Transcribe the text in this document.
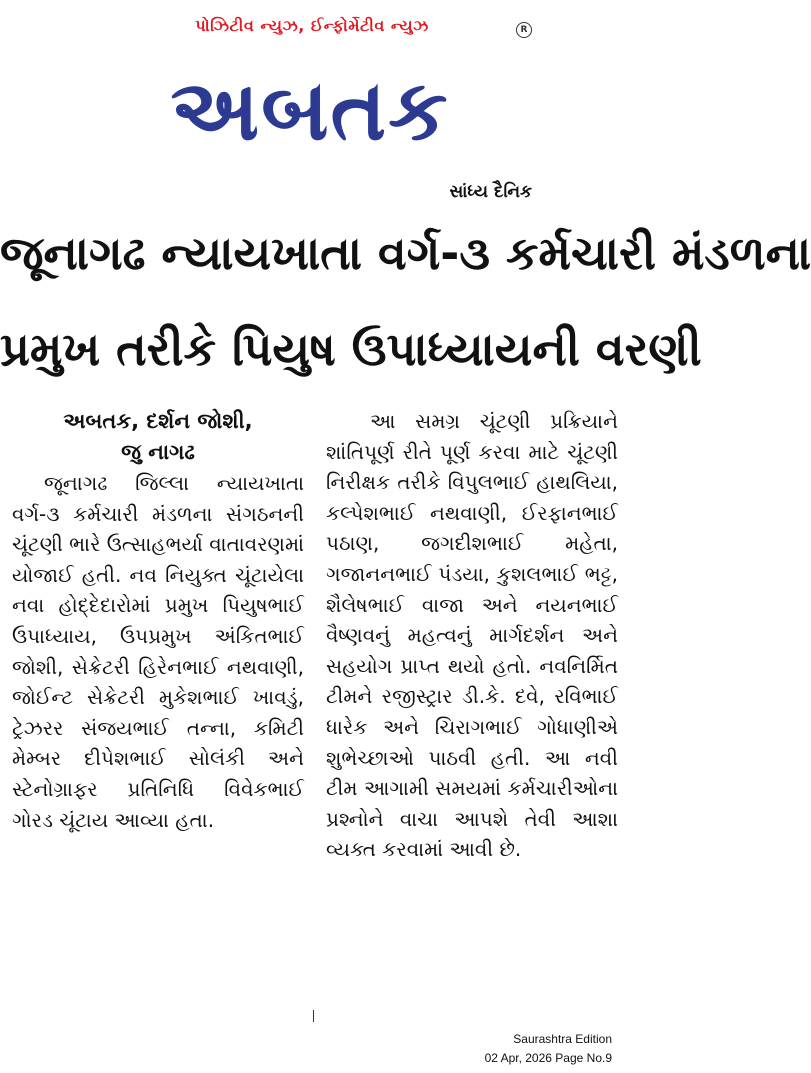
પોઝિટીવ ન્યુઝ, ઈન્ફોર્મેટીવ ન્યુઝ	R
અબતક
સાંધ્ય દૈનિક
જૂનાગઢ ન્યાયખાતા વર્ગ-૩ કર્મચારી મંડળના
પ્રમુખ તરીકે પિયુષ ઉપાધ્યાયની વરણી

અબતક, દર્શન જોશી,

જુ નાગઢ

જૂનાગઢ જિલ્લા ન્યાયખાતા વર્ગ-૩ કર્મચારી મંડળના સંગઠનની ચૂંટણી ભારે ઉત્સાહભર્યા વાતાવરણમાં યોજાઈ હતી. નવ નિયુક્ત ચૂંટાયેલા નવા હોદ્દેદારોમાં પ્રમુખ પિયુષભાઈ ઉપાધ્યાય, ઉપપ્રમુખ અંકિતભાઈ જોશી, સેક્રેટરી હિરેનભાઈ નથવાણી, જોઈન્ટ સેક્રેટરી મુકેશભાઈ ખાવડું, ટ્રેઝરર સંજયભાઈ તન્ના, કમિટી મેમ્બર દીપેશભાઈ સોલંકી અને સ્ટેનોગ્રાફર પ્રતિનિધિ વિવેકભાઈ ગોરડ ચૂંટાય આવ્યા હતા.

આ સમગ્ર ચૂંટણી પ્રક્રિયાને શાંતિપૂર્ણ રીતે પૂર્ણ કરવા માટે ચૂંટણી નિરીક્ષક તરીકે વિપુલભાઈ હાથલિયા, કલ્પેશભાઈ નથવાણી, ઈરફાનભાઈ પઠાણ, જગદીશભાઈ મહેતા, ગજાનનભાઈ પંડયા, કુશલભાઈ ભટ્ટ, શૈલેષભાઈ વાજા અને નયનભાઈ વૈષ્ણવનું મહત્વનું માર્ગદર્શન અને સહયોગ પ્રાપ્ત થયો હતો. નવનિર્મિત ટીમને રજીસ્ટ્રાર ડી.કે. દવે, રવિભાઈ ધારેક અને ચિરાગભાઈ ગોધાણીએ શુભેચ્છાઓ પાઠવી હતી. આ નવી ટીમ આગામી સમયમાં કર્મચારીઓના પ્રશ્નોને વાચા આપશે તેવી આશા વ્યક્ત કરવામાં આવી છે.

Saurashtra Edition
02 Apr, 2026 Page No.9
